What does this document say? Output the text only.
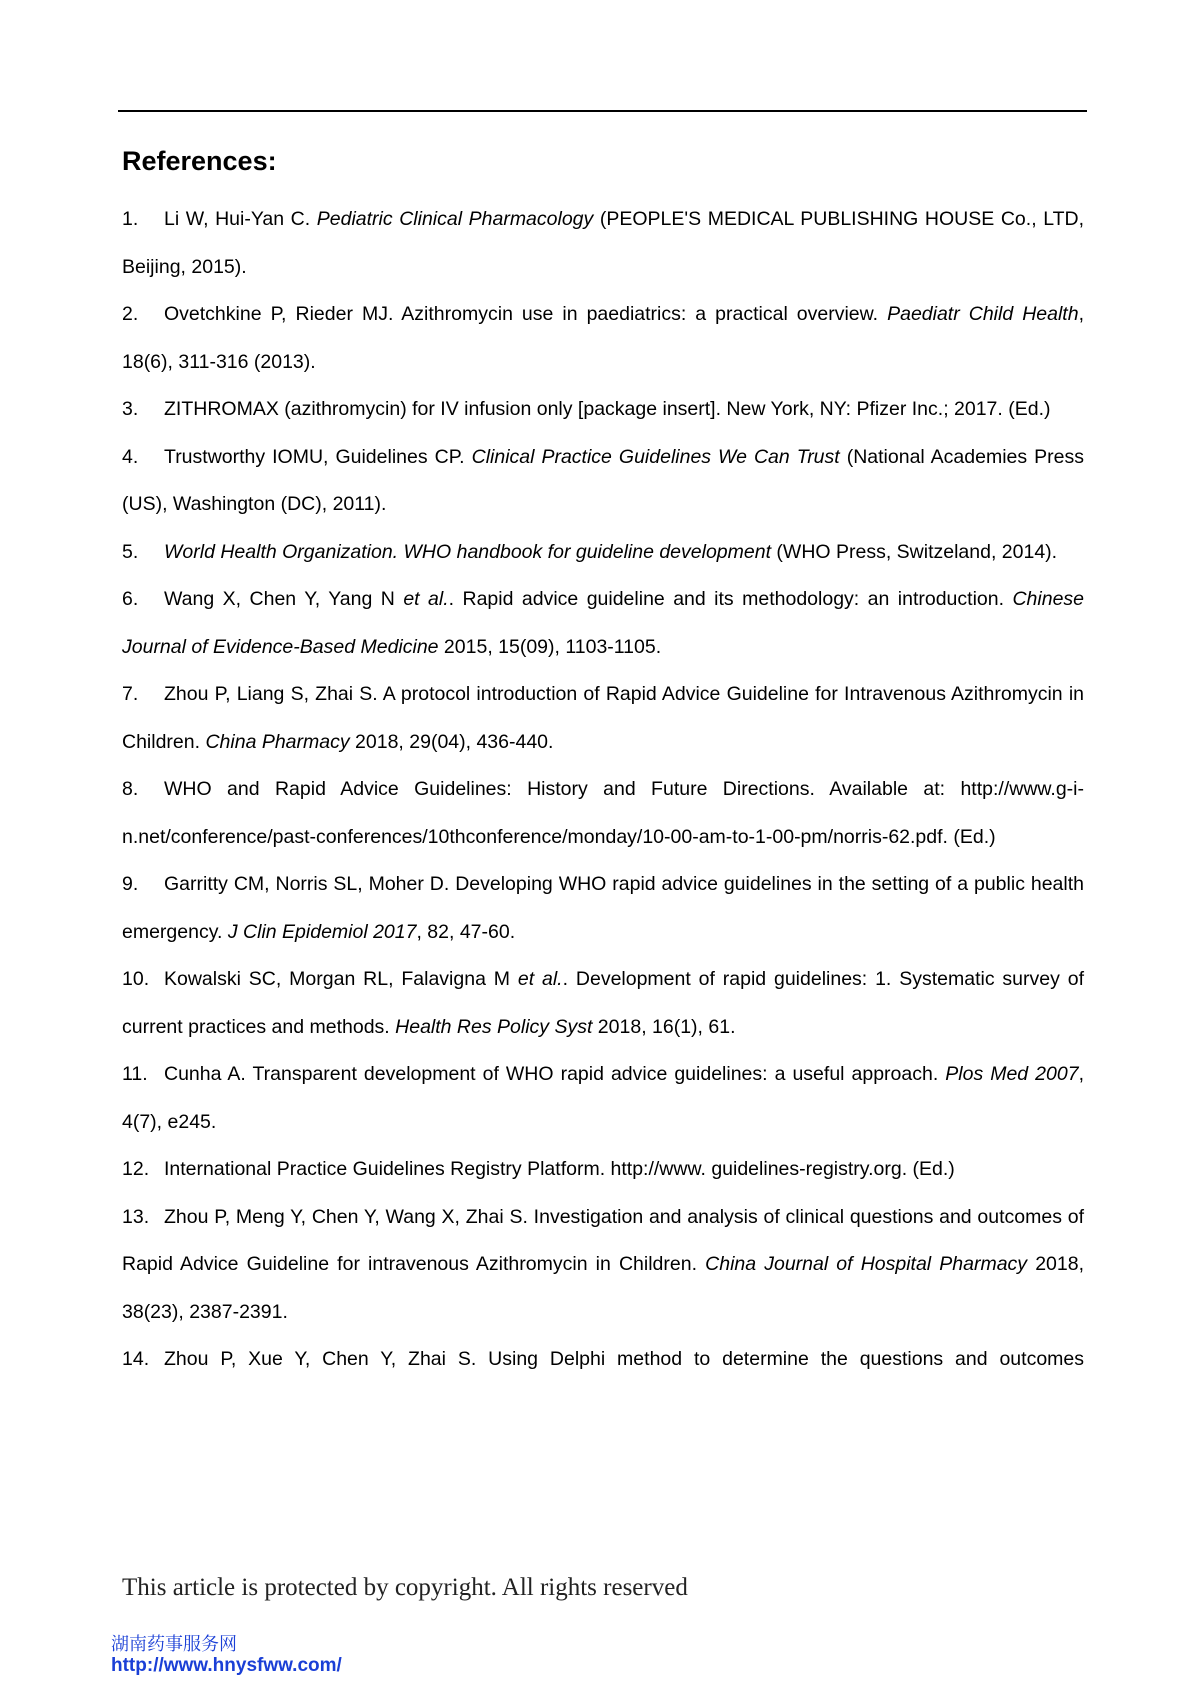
References:

1. Li W, Hui-Yan C. Pediatric Clinical Pharmacology (PEOPLE'S MEDICAL PUBLISHING HOUSE Co., LTD, Beijing, 2015).

2. Ovetchkine P, Rieder MJ. Azithromycin use in paediatrics: a practical overview. Paediatr Child Health, 18(6), 311-316 (2013).

3. ZITHROMAX (azithromycin) for IV infusion only [package insert]. New York, NY: Pfizer Inc.; 2017. (Ed.)

4. Trustworthy IOMU, Guidelines CP. Clinical Practice Guidelines We Can Trust (National Academies Press (US), Washington (DC), 2011).

5. World Health Organization. WHO handbook for guideline development (WHO Press, Switzeland, 2014).

6. Wang X, Chen Y, Yang N et al.. Rapid advice guideline and its methodology: an introduction. Chinese Journal of Evidence-Based Medicine 2015, 15(09), 1103-1105.

7. Zhou P, Liang S, Zhai S. A protocol introduction of Rapid Advice Guideline for Intravenous Azithromycin in Children. China Pharmacy 2018, 29(04), 436-440.

8. WHO and Rapid Advice Guidelines: History and Future Directions. Available at: http://www.g-i-n.net/conference/past-conferences/10thconference/monday/10-00-am-to-1-00-pm/norris-62.pdf. (Ed.)

9. Garritty CM, Norris SL, Moher D. Developing WHO rapid advice guidelines in the setting of a public health emergency. J Clin Epidemiol 2017, 82, 47-60.

10. Kowalski SC, Morgan RL, Falavigna M et al.. Development of rapid guidelines: 1. Systematic survey of current practices and methods. Health Res Policy Syst 2018, 16(1), 61.

11. Cunha A. Transparent development of WHO rapid advice guidelines: a useful approach. Plos Med 2007, 4(7), e245.

12. International Practice Guidelines Registry Platform. http://www. guidelines-registry.org. (Ed.)

13. Zhou P, Meng Y, Chen Y, Wang X, Zhai S. Investigation and analysis of clinical questions and outcomes of Rapid Advice Guideline for intravenous Azithromycin in Children. China Journal of Hospital Pharmacy 2018, 38(23), 2387-2391.

14. Zhou P, Xue Y, Chen Y, Zhai S. Using Delphi method to determine the questions and outcomes

This article is protected by copyright. All rights reserved
湖南药事服务网
http://www.hnysfww.com/
